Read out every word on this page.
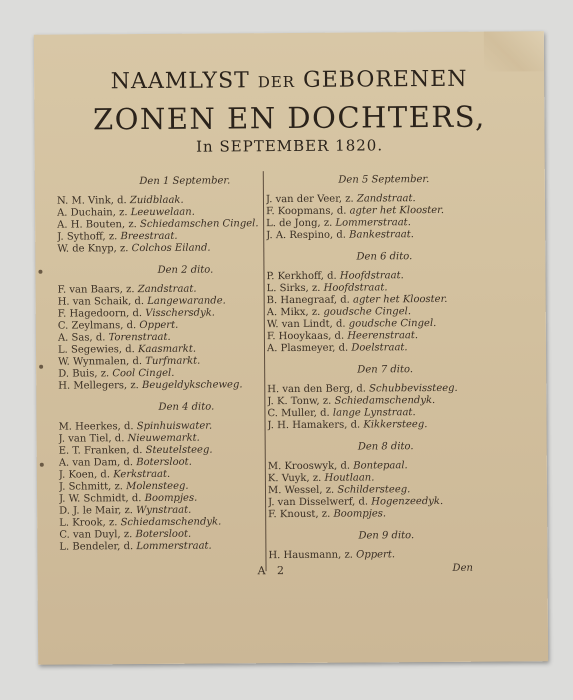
NAAMLYST DER GEBORENEN
ZONEN EN DOCHTERS,
In SEPTEMBER 1820.
Den 1 September.
N. M. Vink, d. Zuidblaak.
A. Duchain, z. Leeuwelaan.
A. H. Bouten, z. Schiedamschen Cingel.
J. Sythoff, z. Breestraat.
W. de Knyp, z. Colchos Eiland.
Den 2 dito.
F. van Baars, z. Zandstraat.
H. van Schaik, d. Langewarande.
F. Hagedoorn, d. Visschersdyk.
C. Zeylmans, d. Oppert.
A. Sas, d. Torenstraat.
L. Segewies, d. Kaasmarkt.
W. Wynmalen, d. Turfmarkt.
D. Buis, z. Cool Cingel.
H. Mellegers, z. Beugeldykscheweg.
Den 4 dito.
M. Heerkes, d. Spinhuiswater.
J. van Tiel, d. Nieuwemarkt.
E. T. Franken, d. Steutelsteeg.
A. van Dam, d. Botersloot.
J. Koen, d. Kerkstraat.
J. Schmitt, z. Molensteeg.
J. W. Schmidt, d. Boompjes.
D. J. le Mair, z. Wynstraat.
L. Krook, z. Schiedamschendyk.
C. van Duyl, z. Botersloot.
L. Bendeler, d. Lommerstraat.
Den 5 September.
J. van der Veer, z. Zandstraat.
F. Koopmans, d. agter het Klooster.
L. de Jong, z. Lommerstraat.
J. A. Respino, d. Bankestraat.
Den 6 dito.
P. Kerkhoff, d. Hoofdstraat.
L. Sirks, z. Hoofdstraat.
B. Hanegraaf, d. agter het Klooster.
A. Mikx, z. goudsche Cingel.
W. van Lindt, d. goudsche Cingel.
F. Hooykaas, d. Heerenstraat.
A. Plasmeyer, d. Doelstraat.
Den 7 dito.
H. van den Berg, d. Schubbevissteeg.
J. K. Tonw, z. Schiedamschendyk.
C. Muller, d. lange Lynstraat.
J. H. Hamakers, d. Kikkersteeg.
Den 8 dito.
M. Krooswyk, d. Bontepaal.
K. Vuyk, z. Houtlaan.
M. Wessel, z. Schildersteeg.
J. van Disselwerf, d. Hogenzeedyk.
F. Knoust, z. Boompjes.
Den 9 dito.
H. Hausmann, z. Oppert.
A 2	Den
